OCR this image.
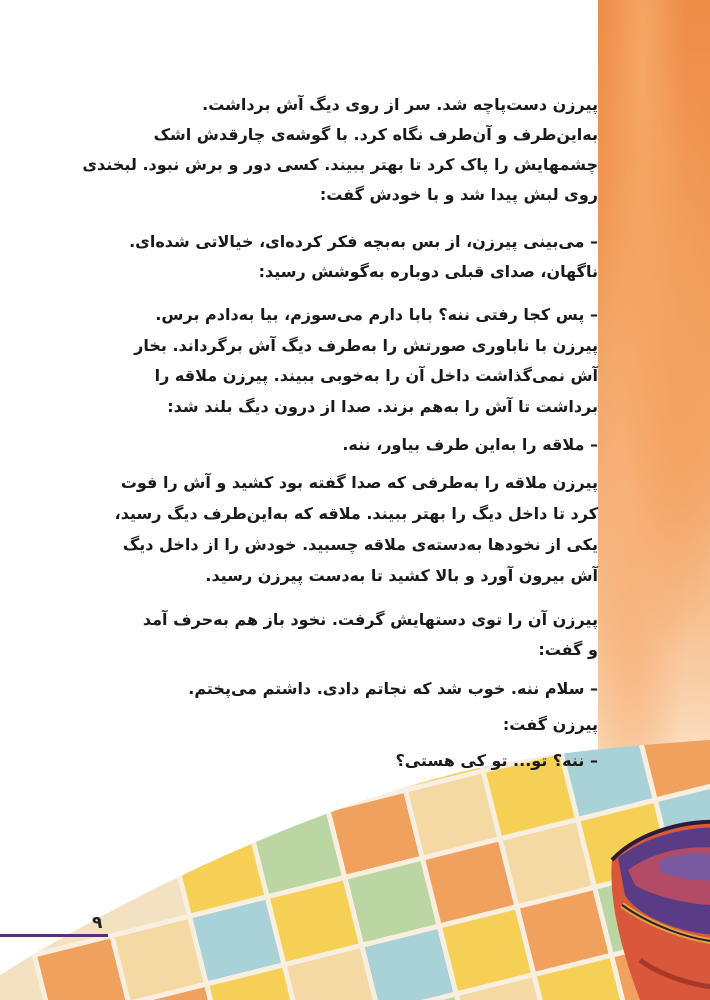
پیرزن دست‌پاچه شد. سر از روی دیگ آش برداشت.

به‌این‌طرف و آن‌طرف نگاه کرد. با گوشه‌ی چارقدش اشک

چشمهایش را پاک کرد تا بهتر ببیند. کسی دور و برش نبود. لبخندی

روی لبش پیدا شد و با خودش گفت:

– می‌بینی پیرزن، از بس به‌بچه فکر کرده‌ای، خیالاتی شده‌ای.

ناگهان، صدای قبلی دوباره به‌گوشش رسید:

– پس کجا رفتی ننه؟ بابا دارم می‌سوزم، بیا به‌دادم برس.

پیرزن با ناباوری صورتش را به‌طرف دیگ آش برگرداند. بخار

آش نمی‌گذاشت داخل آن را به‌خوبی ببیند. پیرزن ملاقه را

برداشت تا آش را به‌هم بزند. صدا از درون دیگ بلند شد:

– ملاقه را به‌این طرف بیاور، ننه.

پیرزن ملاقه را به‌طرفی که صدا گفته بود کشید و آش را فوت

کرد تا داخل دیگ را بهتر ببیند. ملاقه که به‌این‌طرف دیگ رسید،

یکی از نخودها به‌دسته‌ی ملاقه چسبید. خودش را از داخل دیگ

آش بیرون آورد و بالا کشید تا به‌دست پیرزن رسید.

پیرزن آن را توی دستهایش گرفت. نخود باز هم به‌حرف آمد

و گفت:

– سلام ننه. خوب شد که نجاتم دادی. داشتم می‌پختم.

پیرزن گفت:

– ننه؟ تو... تو کی هستی؟

۹
